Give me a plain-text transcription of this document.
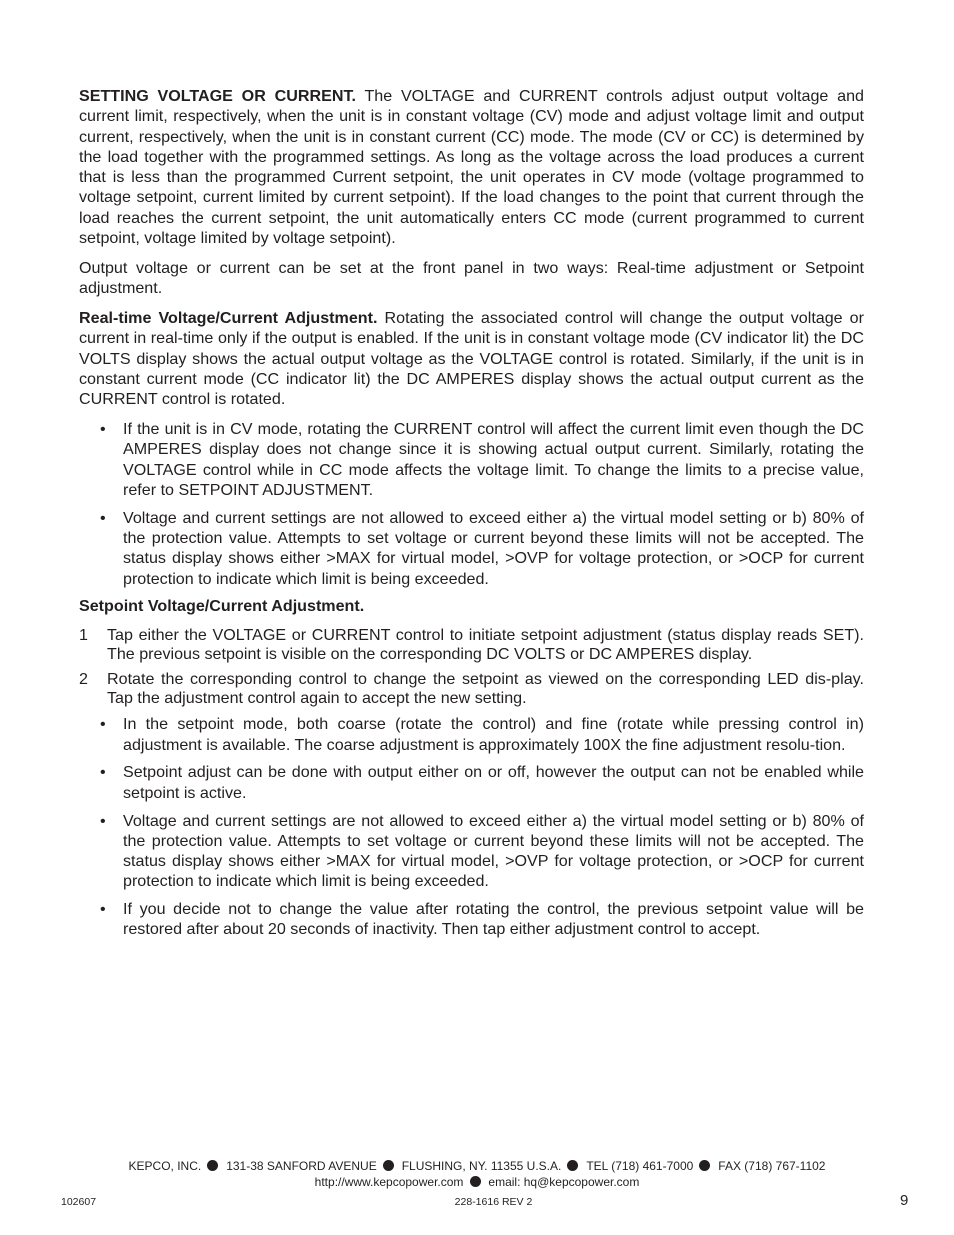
SETTING VOLTAGE OR CURRENT. The VOLTAGE and CURRENT controls adjust output voltage and current limit, respectively, when the unit is in constant voltage (CV) mode and adjust voltage limit and output current, respectively, when the unit is in constant current (CC) mode. The mode (CV or CC) is determined by the load together with the programmed settings. As long as the voltage across the load produces a current that is less than the programmed Current setpoint, the unit operates in CV mode (voltage programmed to voltage setpoint, current limited by current setpoint). If the load changes to the point that current through the load reaches the current setpoint, the unit automatically enters CC mode (current programmed to current setpoint, voltage limited by voltage setpoint).

Output voltage or current can be set at the front panel in two ways: Real-time adjustment or Setpoint adjustment.

Real-time Voltage/Current Adjustment. Rotating the associated control will change the output voltage or current in real-time only if the output is enabled. If the unit is in constant voltage mode (CV indicator lit) the DC VOLTS display shows the actual output voltage as the VOLTAGE control is rotated. Similarly, if the unit is in constant current mode (CC indicator lit) the DC AMPERES display shows the actual output current as the CURRENT control is rotated.

• If the unit is in CV mode, rotating the CURRENT control will affect the current limit even though the DC AMPERES display does not change since it is showing actual output current. Similarly, rotating the VOLTAGE control while in CC mode affects the voltage limit. To change the limits to a precise value, refer to SETPOINT ADJUSTMENT.
• Voltage and current settings are not allowed to exceed either a) the virtual model setting or b) 80% of the protection value. Attempts to set voltage or current beyond these limits will not be accepted. The status display shows either >MAX for virtual model, >OVP for voltage protection, or >OCP for current protection to indicate which limit is being exceeded.

Setpoint Voltage/Current Adjustment.

1 Tap either the VOLTAGE or CURRENT control to initiate setpoint adjustment (status display reads SET). The previous setpoint is visible on the corresponding DC VOLTS or DC AMPERES display.
2 Rotate the corresponding control to change the setpoint as viewed on the corresponding LED dis-play. Tap the adjustment control again to accept the new setting.
• In the setpoint mode, both coarse (rotate the control) and fine (rotate while pressing control in) adjustment is available. The coarse adjustment is approximately 100X the fine adjustment resolu-tion.
• Setpoint adjust can be done with output either on or off, however the output can not be enabled while setpoint is active.
• Voltage and current settings are not allowed to exceed either a) the virtual model setting or b) 80% of the protection value. Attempts to set voltage or current beyond these limits will not be accepted. The status display shows either >MAX for virtual model, >OVP for voltage protection, or >OCP for current protection to indicate which limit is being exceeded.
• If you decide not to change the value after rotating the control, the previous setpoint value will be restored after about 20 seconds of inactivity. Then tap either adjustment control to accept.
KEPCO, INC. 131-38 SANFORD AVENUE FLUSHING, NY. 11355 U.S.A. TEL (718) 461-7000 FAX (718) 767-1102
http://www.kepcopower.com email: hq@kepcopower.com
102607	228-1616 REV 2	9
